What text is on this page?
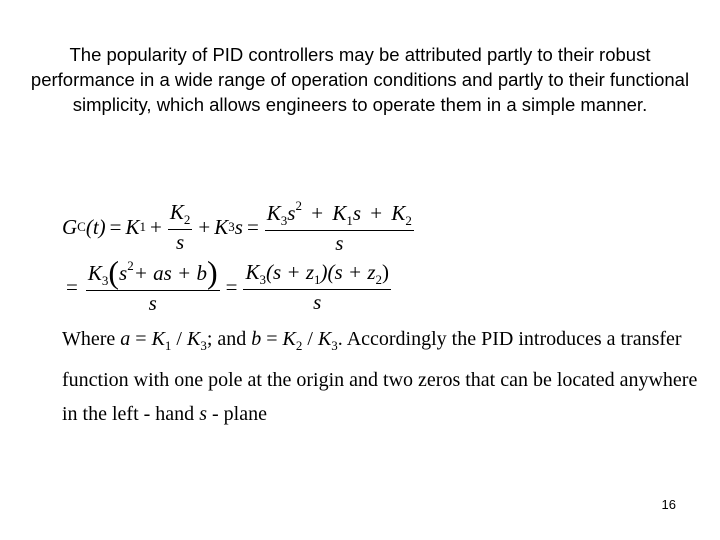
The popularity of PID controllers may be attributed partly to their robust performance in a wide range of operation conditions and partly to their functional simplicity, which allows engineers to operate them in a simple manner.
G C (t) = K $1 + \frac{K_2}{s} + K$ 3 $s = \frac{K_3s^2 + K_1s + K_2}{s}$
= $\frac{K_3(s^2+ as + b)}{s} = \frac{K_3(s + z_1)(s + z_2)}{s}$
Where $a = K_1 / K_3$; and $b = K_2 / K_3$. Accordingly the PID introduces a transfer function with one pole at the origin and two zeros that can be located anywhere in the left - hand s - plane
16
